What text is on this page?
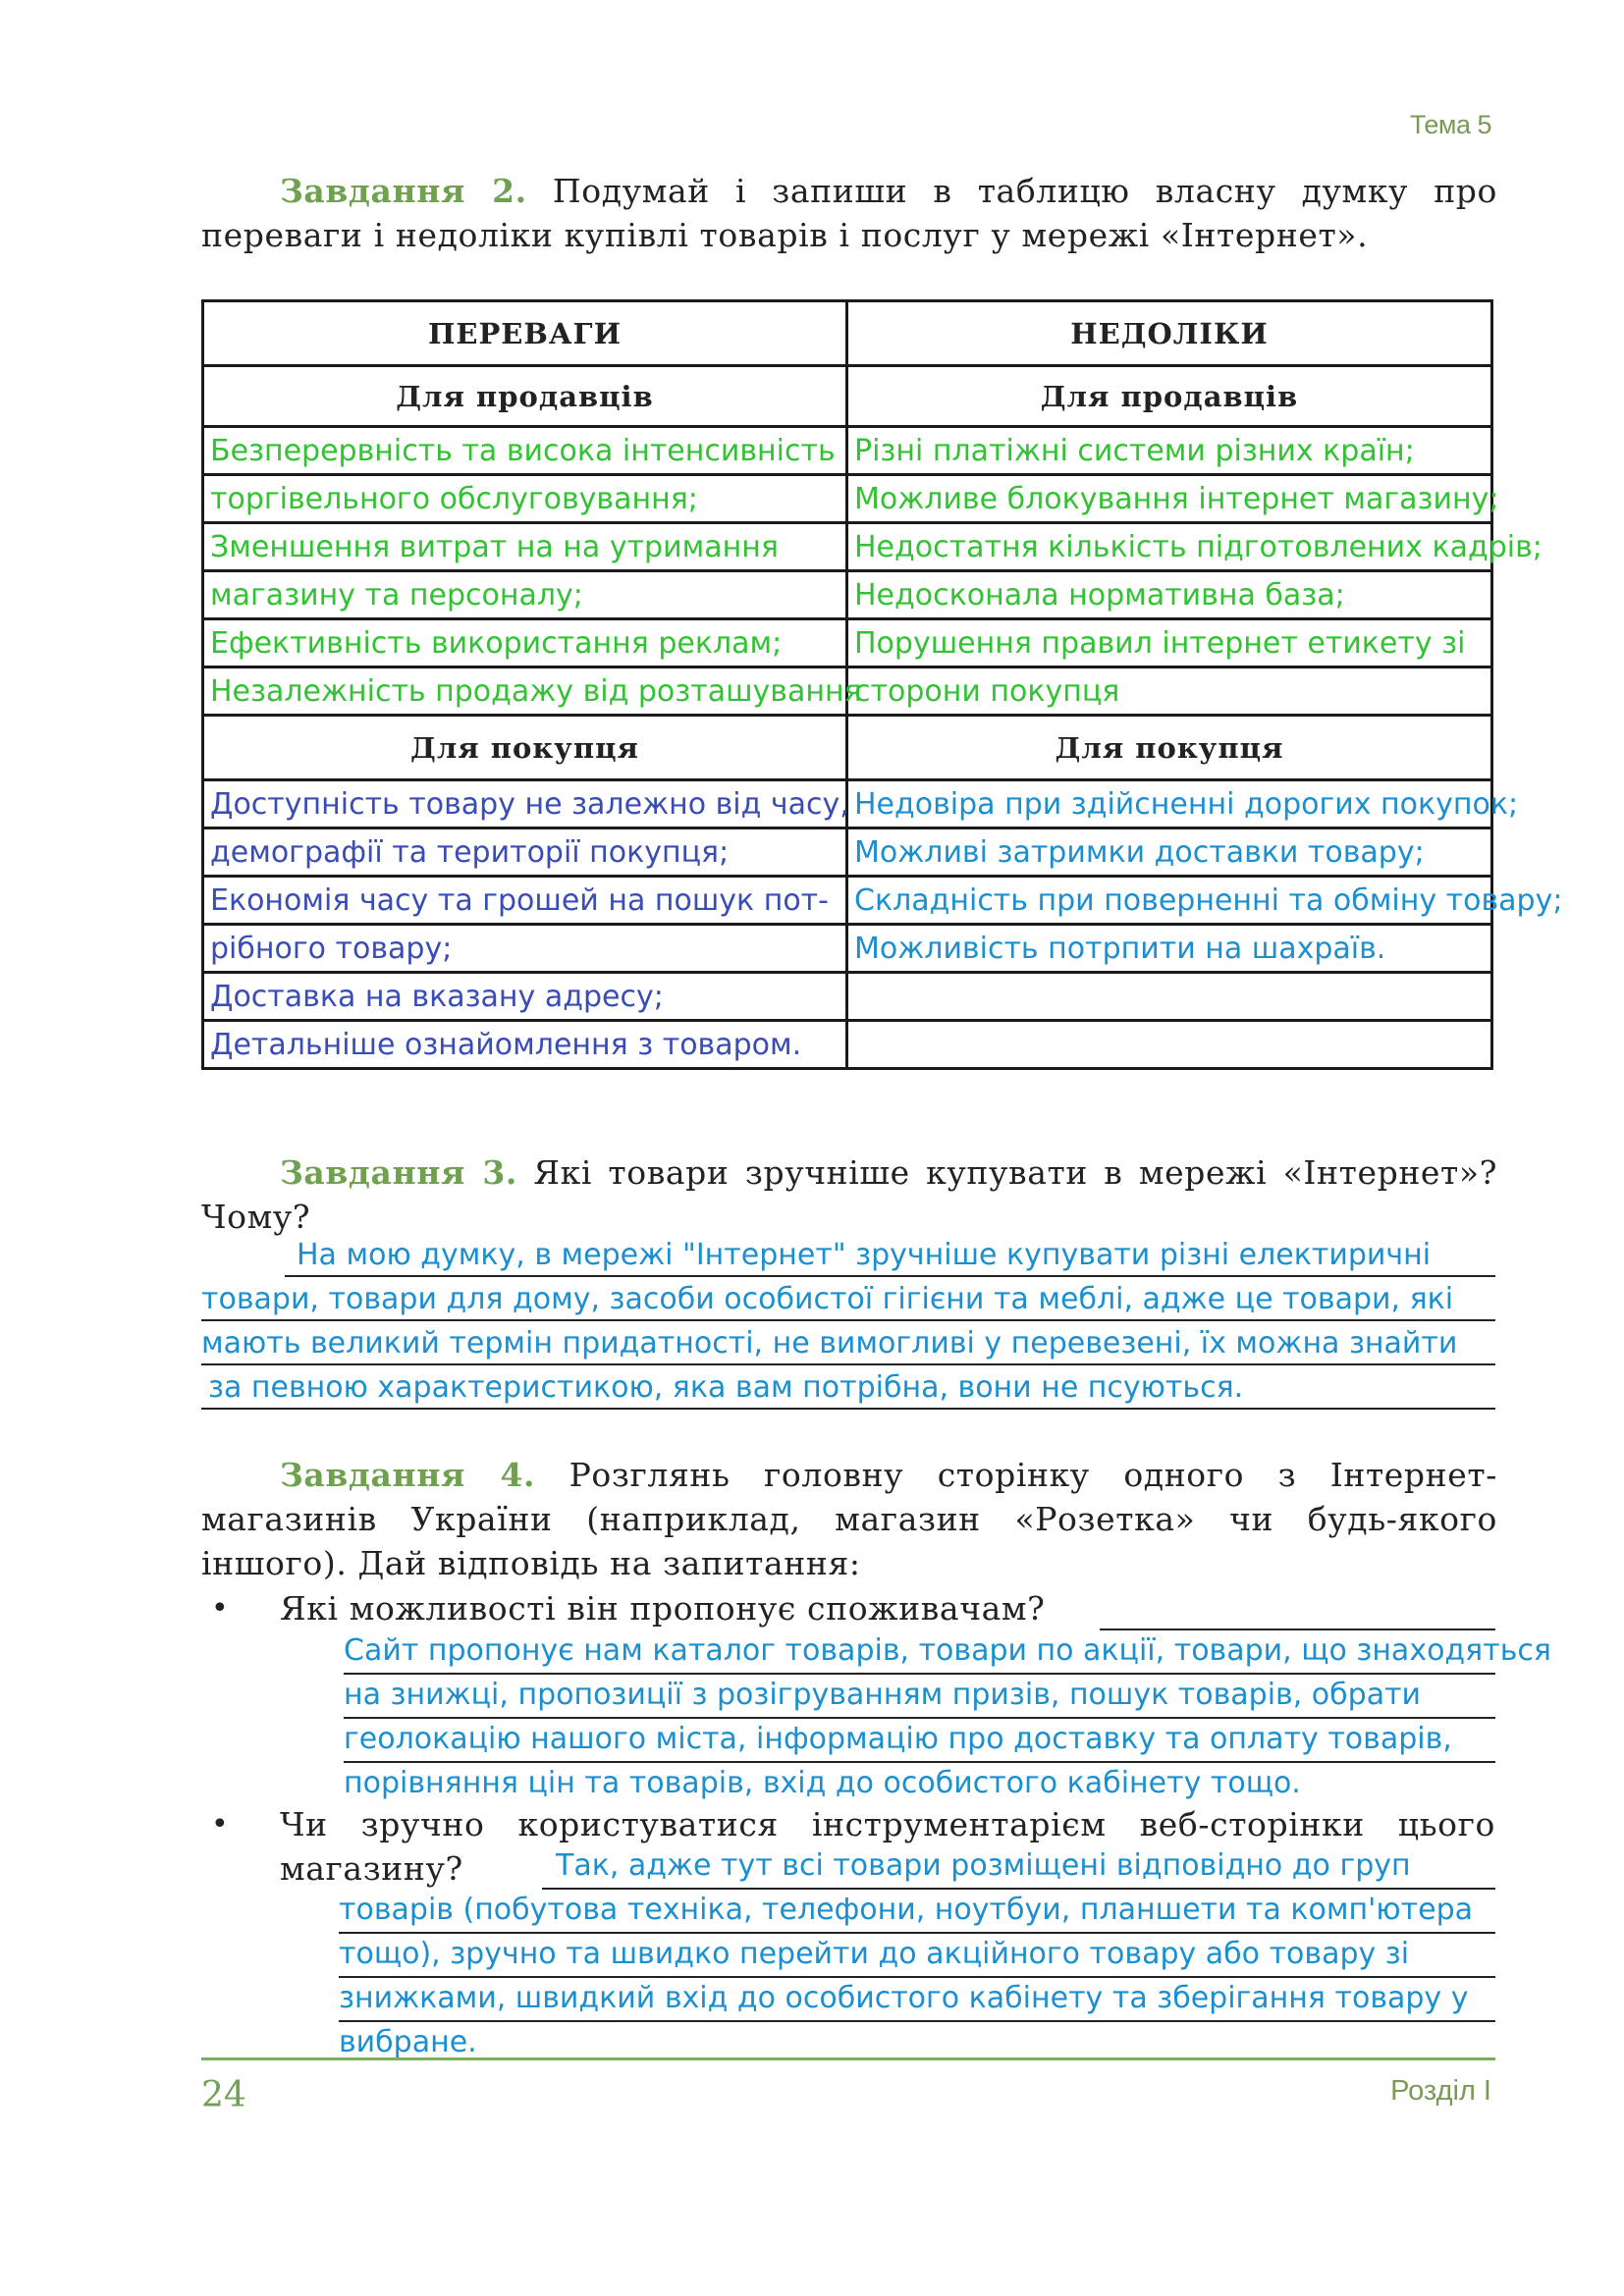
Тема 5
Завдання 2. Подумай і запиши в таблицю власну думку про переваги і недоліки купівлі товарів і послуг у мережі «Інтернет».
ПЕРЕВАГИ	НЕДОЛІКИ
Для продавців	Для продавців
Безперервність та висока інтенсивність	Різні платіжні системи різних країн;
торгівельного обслуговування;	Можливе блокування інтернет магазину;
Зменшення витрат на на утримання	Недостатня кількість підготовлених кадрів;
магазину та персоналу;	Недосконала нормативна база;
Ефективність використання реклам;	Порушення правил інтернет етикету зі
Незалежність продажу від розташування	сторони покупця
Для покупця	Для покупця
Доступність товару не залежно від часу,	Недовіра при здійсненні дорогих покупок;
демографії та території покупця;	Можливі затримки доставки товару;
Економія часу та грошей на пошук пот-	Складність при поверненні та обміну товару;
рібного товару;	Можливість потрпити на шахраїв.
Доставка на вказану адресу;	
Детальніше ознайомлення з товаром.	
Завдання 3. Які товари зручніше купувати в мережі «Інтернет»? Чому?
На мою думку, в мережі "Інтернет" зручніше купувати різні електиричні
товари, товари для дому, засоби особистої гігієни та меблі, адже це товари, які
мають великий термін придатності, не вимогливі у перевезені, їх можна знайти
за певною характеристикою, яка вам потрібна, вони не псуються.
Завдання 4. Розглянь головну сторінку одного з Інтернет-магазинів України (наприклад, магазин «Розетка» чи будь-якого іншого). Дай відповідь на запитання:
• Які можливості він пропонує споживачам?
Сайт пропонує нам каталог товарів, товари по акції, товари, що знаходяться
на знижці, пропозиції з розігруванням призів, пошук товарів, обрати
геолокацію нашого міста, інформацію про доставку та оплату товарів,
порівняння цін та товарів, вхід до особистого кабінету тощо.
• Чи зручно користуватися інструментарієм веб-сторінки цього
магазину?	Так, адже тут всі товари розміщені відповідно до груп
товарів (побутова техніка, телефони, ноутбуи, планшети та комп'ютера
тощо), зручно та швидко перейти до акційного товару або товару зі
знижками, швидкий вхід до особистого кабінету та зберігання товару у
вибране.
24	Розділ І
